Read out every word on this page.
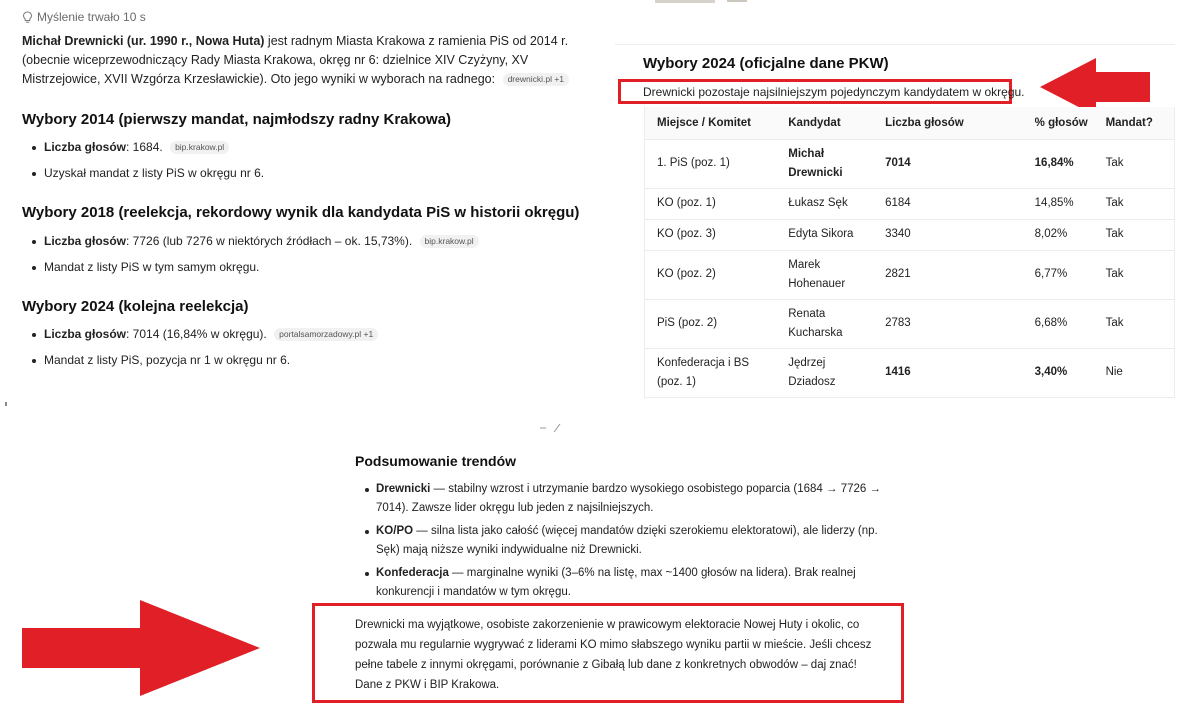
Myślenie trwało 10 s

Michał Drewnicki (ur. 1990 r., Nowa Huta) jest radnym Miasta Krakowa z ramienia PiS od 2014 r. (obecnie wiceprzewodniczący Rady Miasta Krakowa, okręg nr 6: dzielnice XIV Czyżyny, XV Mistrzejowice, XVII Wzgórza Krzesławickie). Oto jego wyniki w wyborach na radnego: drewnicki.pl +1

Wybory 2014 (pierwszy mandat, najmłodszy radny Krakowa)
Liczba głosów: 1684. bip.krakow.pl
Uzyskał mandat z listy PiS w okręgu nr 6.
Wybory 2018 (reelekcja, rekordowy wynik dla kandydata PiS w historii okręgu)
Liczba głosów: 7726 (lub 7276 w niektórych źródłach – ok. 15,73%). bip.krakow.pl
Mandat z listy PiS w tym samym okręgu.
Wybory 2024 (kolejna reelekcja)
Liczba głosów: 7014 (16,84% w okręgu). portalsamorzadowy.pl +1
Mandat z listy PiS, pozycja nr 1 w okręgu nr 6.
Wybory 2024 (oficjalne dane PKW)

Drewnicki pozostaje najsilniejszym pojedynczym kandydatem w okręgu.

Miejsce / Komitet	Kandydat	Liczba głosów	% głosów	Mandat?
1. PiS (poz. 1)	Michał Drewnicki	7014	16,84%	Tak
KO (poz. 1)	Łukasz Sęk	6184	14,85%	Tak
KO (poz. 3)	Edyta Sikora	3340	8,02%	Tak
KO (poz. 2)	Marek Hohenauer	2821	6,77%	Tak
PiS (poz. 2)	Renata Kucharska	2783	6,68%	Tak
Konfederacja i BS (poz. 1)	Jędrzej Dziadosz	1416	3,40%	Nie
Podsumowanie trendów
Drewnicki — stabilny wzrost i utrzymanie bardzo wysokiego osobistego poparcia (1684 → 7726 → 7014). Zawsze lider okręgu lub jeden z najsilniejszych.
KO/PO — silna lista jako całość (więcej mandatów dzięki szerokiemu elektoratowi), ale liderzy (np. Sęk) mają niższe wyniki indywidualne niż Drewnicki.
Konfederacja — marginalne wyniki (3–6% na listę, max ~1400 głosów na lidera). Brak realnej konkurencji i mandatów w tym okręgu.

Drewnicki ma wyjątkowe, osobiste zakorzenienie w prawicowym elektoracie Nowej Huty i okolic, co pozwala mu regularnie wygrywać z liderami KO mimo słabszego wyniku partii w mieście. Jeśli chcesz pełne tabele z innymi okręgami, porównanie z Gibałą lub dane z konkretnych obwodów – daj znać! Dane z PKW i BIP Krakowa.
